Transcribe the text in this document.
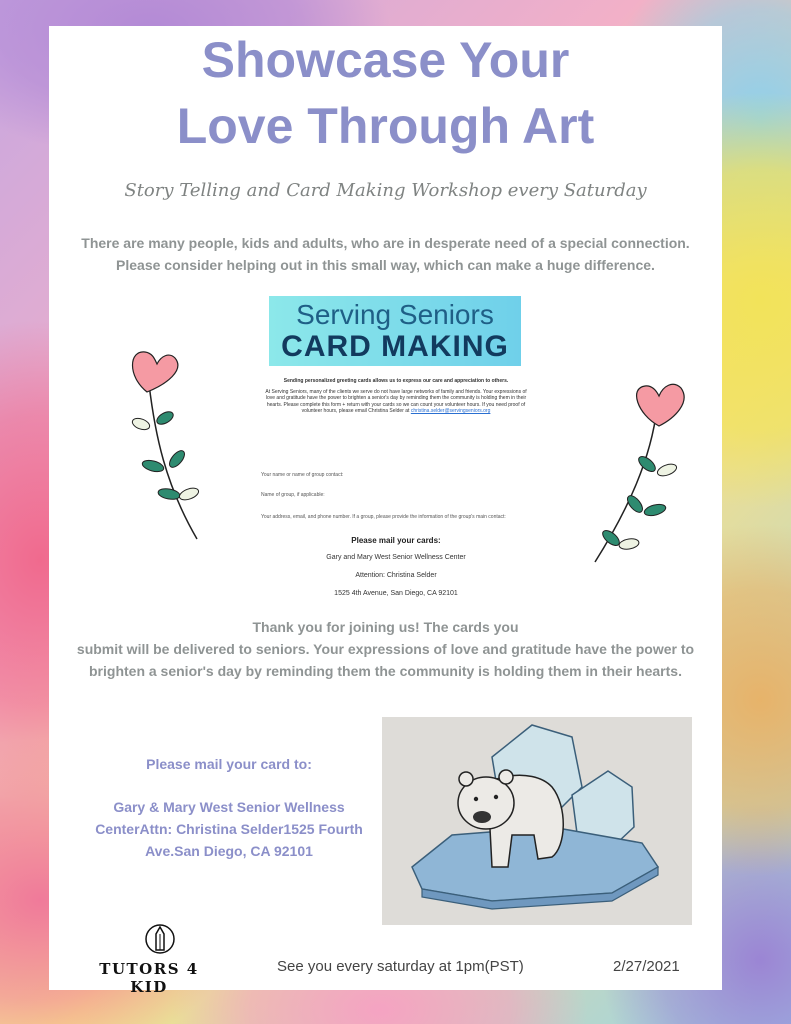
Showcase Your
Love Through Art
Story Telling and Card Making Workshop every Saturday

There are many people, kids and adults, who are in desperate need of a special connection.

Please consider helping out in this small way, which can make a huge difference.

Serving Seniors
CARD MAKING

Sending personalized greeting cards allows us to express our care and appreciation to others.

At Serving Seniors, many of the clients we serve do not have large networks of family and friends. Your expressions of love and gratitude have the power to brighten a senior's day by reminding them the community is holding them in their hearts. Please complete this form + return with your cards so we can count your volunteer hours. If you need proof of volunteer hours, please email Christina Selder at christina.selder@servingseniors.org

Your name or name of group contact:

Name of group, if applicable:

Your address, email, and phone number. If a group, please provide the information of the group's main contact:

Please mail your cards:
Gary and Mary West Senior Wellness Center
Attention: Christina Selder
1525 4th Avenue, San Diego, CA 92101

Thank you for joining us! The cards you

submit will be delivered to seniors. Your expressions of love and gratitude have the power to

brighten a senior's day by reminding them the community is holding them in their hearts.

Please mail your card to:
Gary & Mary West Senior Wellness
CenterAttn: Christina Selder1525 Fourth
Ave.San Diego, CA 92101
TUTORS 4 KID
See you every saturday at 1pm(PST)	2/27/2021
